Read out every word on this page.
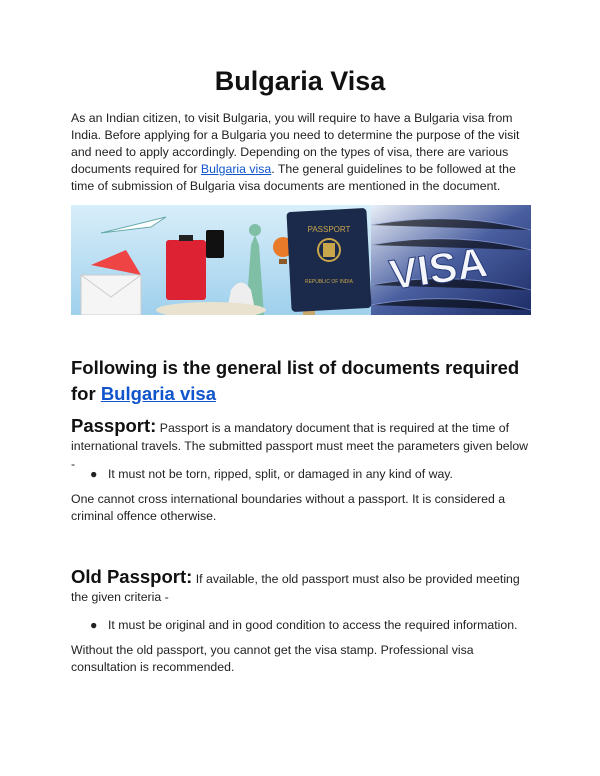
Bulgaria Visa
As an Indian citizen, to visit Bulgaria, you will require to have a Bulgaria visa from India. Before applying for a Bulgaria you need to determine the purpose of the visit and need to apply accordingly. Depending on the types of visa, there are various documents required for Bulgaria visa. The general guidelines to be followed at the time of submission of Bulgaria visa documents are mentioned in the document.
VISA
PASSPORT
REPUBLIC OF INDIA
Following is the general list of documents required for Bulgaria visa
Passport: Passport is a mandatory document that is required at the time of international travels. The submitted passport must meet the parameters given below -
● It must not be torn, ripped, split, or damaged in any kind of way.
One cannot cross international boundaries without a passport. It is considered a criminal offence otherwise.
Old Passport: If available, the old passport must also be provided meeting the given criteria -
● It must be original and in good condition to access the required information.
Without the old passport, you cannot get the visa stamp. Professional visa consultation is recommended.
